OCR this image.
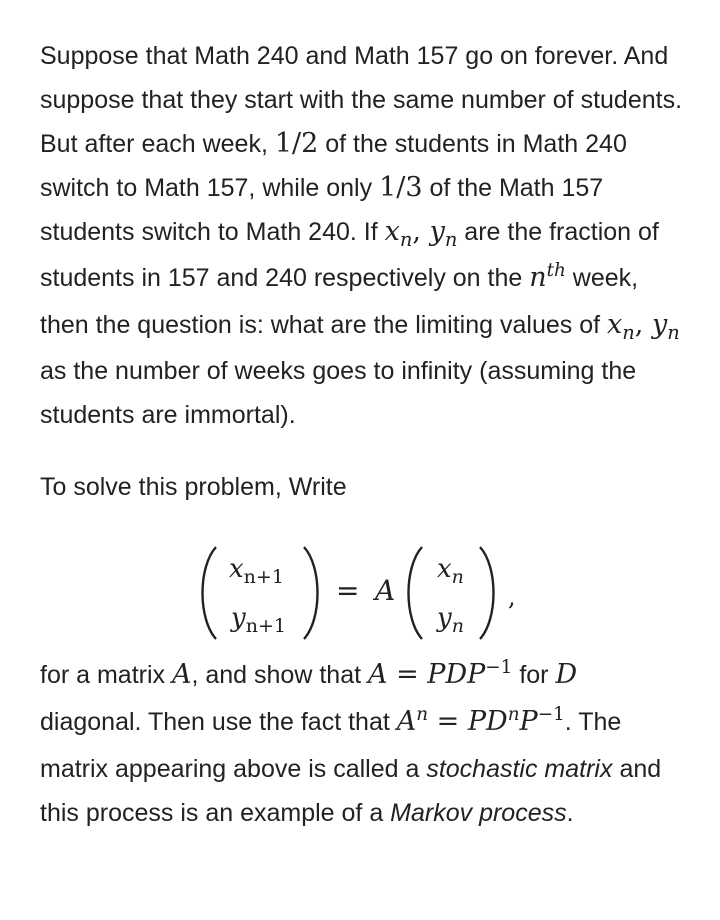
Suppose that Math 240 and Math 157 go on forever. And suppose that they start with the same number of students. But after each week, 1/2 of the students in Math 240 switch to Math 157, while only 1/3 of the Math 157 students switch to Math 240. If $x_n$, $y_n$ are the fraction of students in 157 and 240 respectively on the $n^{th}$ week, then the question is: what are the limiting values of $x_n$, $y_n$ as the number of weeks goes to infinity (assuming the students are immortal).

To solve this problem, Write

$x_{n+1}$
$y_{n+1}$
= A
$x_n$
$y_n$
,

for a matrix A, and show that $A = PDP^{-1}$ for D diagonal. Then use the fact that $A^n = PD^nP^{-1}$. The matrix appearing above is called a stochastic matrix and this process is an example of a Markov process.
